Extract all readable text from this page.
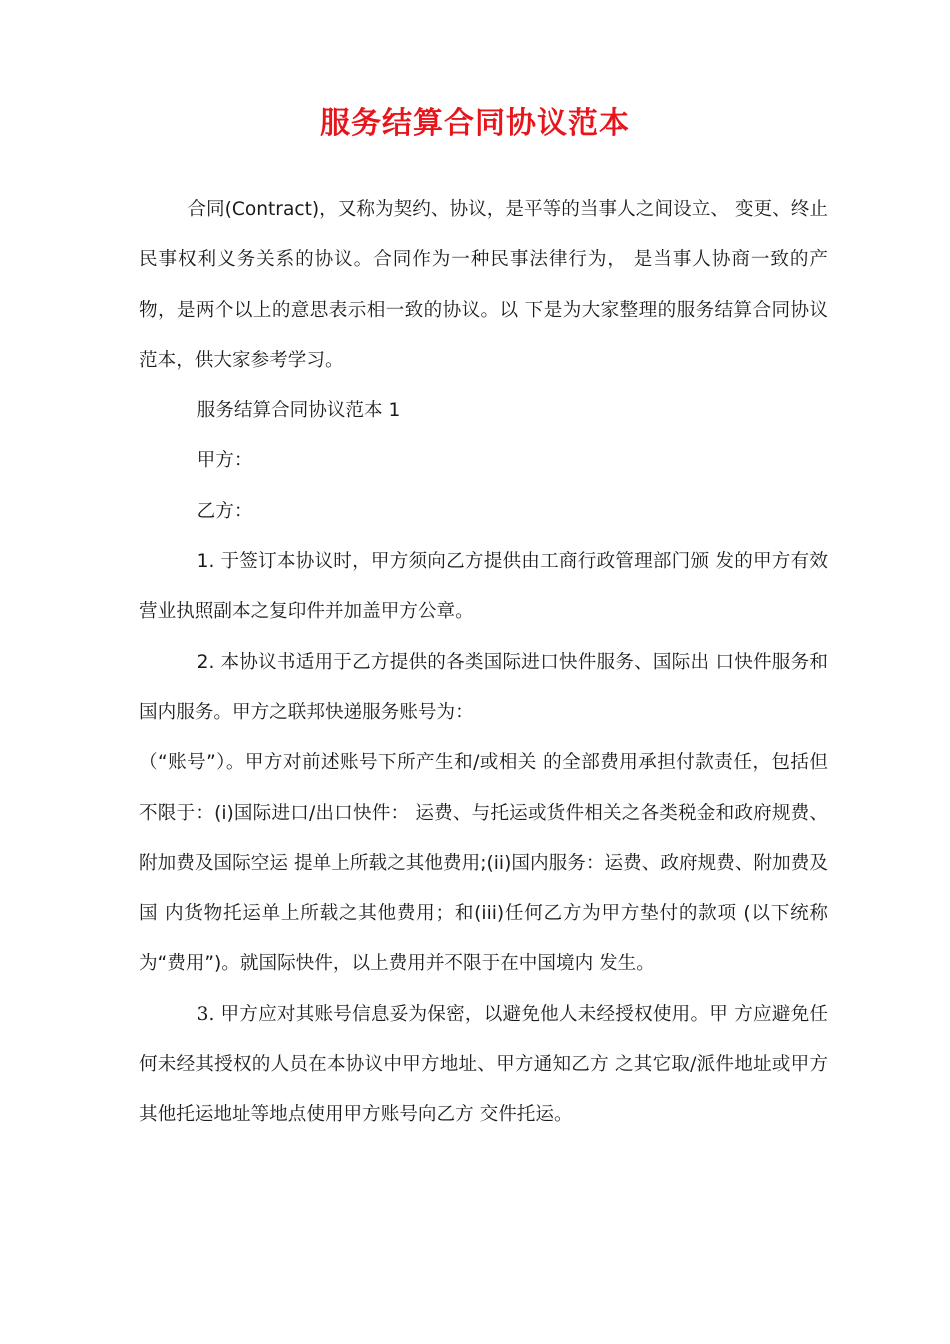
服务结算合同协议范本

合同(Contract)，又称为契约、协议，是平等的当事人之间设立、 变更、终止民事权利义务关系的协议。合同作为一种民事法律行为， 是当事人协商一致的产物，是两个以上的意思表示相一致的协议。以 下是为大家整理的服务结算合同协议范本，供大家参考学习。

服务结算合同协议范本 1

甲方：

乙方：

1. 于签订本协议时，甲方须向乙方提供由工商行政管理部门颁 发的甲方有效营业执照副本之复印件并加盖甲方公章。

2. 本协议书适用于乙方提供的各类国际进口快件服务、国际出 口快件服务和国内服务。甲方之联邦快递服务账号为：

（“账号”）。甲方对前述账号下所产生和/或相关 的全部费用承担付款责任，包括但不限于：(i)国际进口/出口快件： 运费、与托运或货件相关之各类税金和政府规费、附加费及国际空运 提单上所载之其他费用;(ii)国内服务：运费、政府规费、附加费及国 内货物托运单上所载之其他费用；和(iii)任何乙方为甲方垫付的款项 (以下统称为“费用”)。就国际快件，以上费用并不限于在中国境内 发生。

3. 甲方应对其账号信息妥为保密，以避免他人未经授权使用。甲 方应避免任何未经其授权的人员在本协议中甲方地址、甲方通知乙方 之其它取/派件地址或甲方其他托运地址等地点使用甲方账号向乙方 交件托运。
